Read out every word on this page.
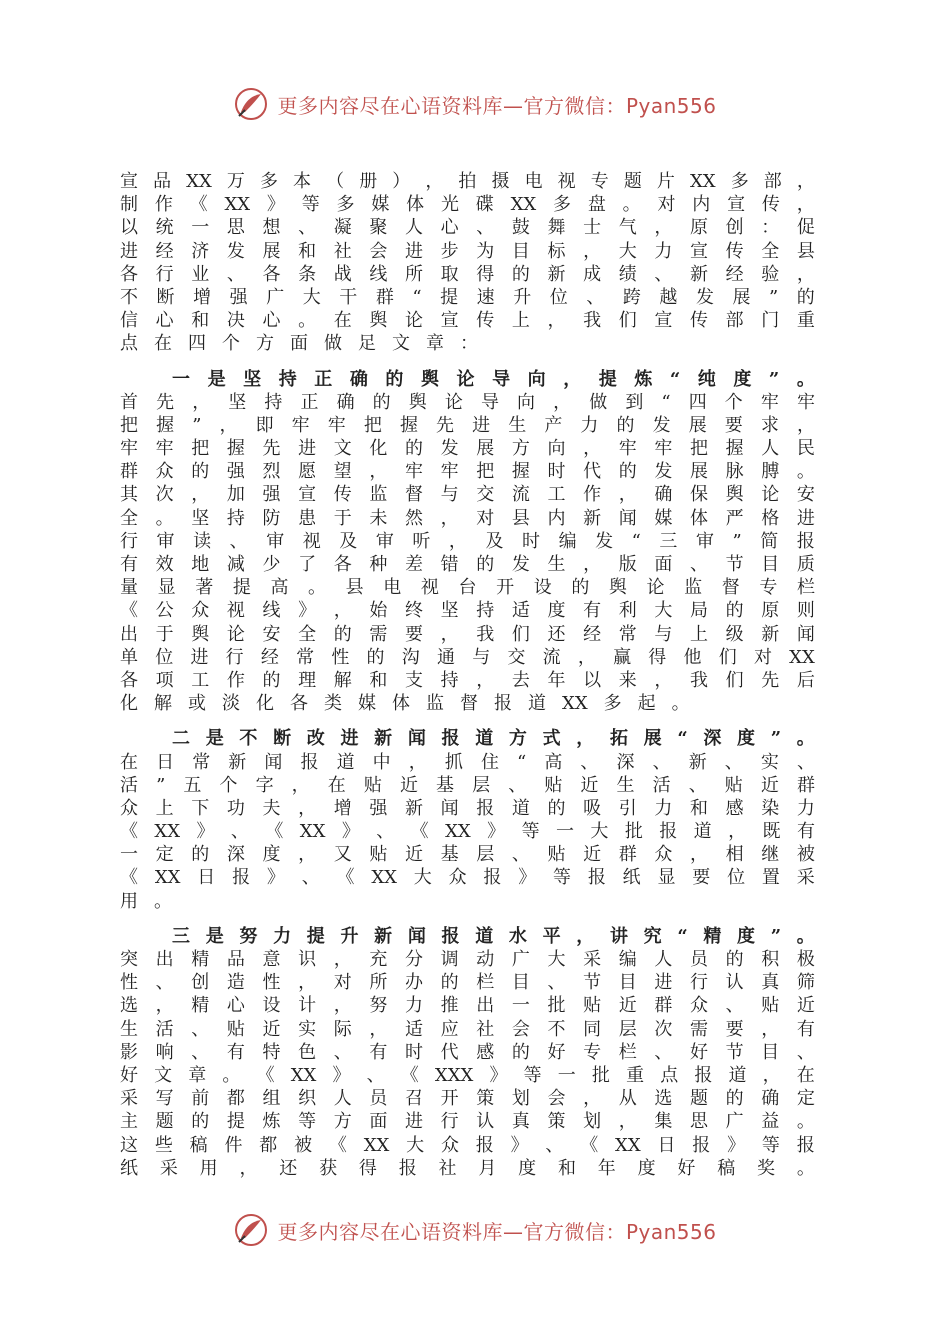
更多内容尽在心语资料库—官方微信：Pyan556
宣 品 XX 万 多 本 （ 册 ） ， 拍 摄 电 视 专 题 片 XX 多 部 ，
制 作 《 XX 》 等 多 媒 体 光 碟 XX 多 盘 。 对 内 宣 传 ，
以 统 一 思 想 、 凝 聚 人 心 、 鼓 舞 士 气 ， 原 创 ： 促
进 经 济 发 展 和 社 会 进 步 为 目 标 ， 大 力 宣 传 全 县
各 行 业 、 各 条 战 线 所 取 得 的 新 成 绩 、 新 经 验 ，
不 断 增 强 广 大 干 群 “ 提 速 升 位 、 跨 越 发 展 ” 的
信 心 和 决 心 。 在 舆 论 宣 传 上 ， 我 们 宣 传 部 门 重
点 在 四 个 方 面 做 足 文 章 ：
一 是 坚 持 正 确 的 舆 论 导 向 ， 提 炼 “ 纯 度 ” 。
首 先 ， 坚 持 正 确 的 舆 论 导 向 ， 做 到 “ 四 个 牢 牢
把 握 ” ， 即 牢 牢 把 握 先 进 生 产 力 的 发 展 要 求 ，
牢 牢 把 握 先 进 文 化 的 发 展 方 向 ， 牢 牢 把 握 人 民
群 众 的 强 烈 愿 望 ， 牢 牢 把 握 时 代 的 发 展 脉 膊 。
其 次 ， 加 强 宣 传 监 督 与 交 流 工 作 ， 确 保 舆 论 安
全 。 坚 持 防 患 于 未 然 ， 对 县 内 新 闻 媒 体 严 格 进
行 审 读 、 审 视 及 审 听 ， 及 时 编 发 “ 三 审 ” 简 报
有 效 地 减 少 了 各 种 差 错 的 发 生 ， 版 面 、 节 目 质
量 显 著 提 高 。 县 电 视 台 开 设 的 舆 论 监 督 专 栏
《 公 众 视 线 》 ， 始 终 坚 持 适 度 有 利 大 局 的 原 则
出 于 舆 论 安 全 的 需 要 ， 我 们 还 经 常 与 上 级 新 闻
单 位 进 行 经 常 性 的 沟 通 与 交 流 ， 赢 得 他 们 对 XX
各 项 工 作 的 理 解 和 支 持 ， 去 年 以 来 ， 我 们 先 后
化 解 或 淡 化 各 类 媒 体 监 督 报 道 XX 多 起 。
二 是 不 断 改 进 新 闻 报 道 方 式 ， 拓 展 “ 深 度 ” 。
在 日 常 新 闻 报 道 中 ， 抓 住 “ 高 、 深 、 新 、 实 、
活 ” 五 个 字 ， 在 贴 近 基 层 、 贴 近 生 活 、 贴 近 群
众 上 下 功 夫 ， 增 强 新 闻 报 道 的 吸 引 力 和 感 染 力
《 XX 》 、 《 XX 》 、 《 XX 》 等 一 大 批 报 道 ， 既 有
一 定 的 深 度 ， 又 贴 近 基 层 、 贴 近 群 众 ， 相 继 被
《 XX 日 报 》 、 《 XX 大 众 报 》 等 报 纸 显 要 位 置 采
用 。
三 是 努 力 提 升 新 闻 报 道 水 平 ， 讲 究 “ 精 度 ” 。
突 出 精 品 意 识 ， 充 分 调 动 广 大 采 编 人 员 的 积 极
性 、 创 造 性 ， 对 所 办 的 栏 目 、 节 目 进 行 认 真 筛
选 ， 精 心 设 计 ， 努 力 推 出 一 批 贴 近 群 众 、 贴 近
生 活 、 贴 近 实 际 ， 适 应 社 会 不 同 层 次 需 要 ， 有
影 响 、 有 特 色 、 有 时 代 感 的 好 专 栏 、 好 节 目 、
好 文 章 。 《 XX 》 、 《 XXX 》 等 一 批 重 点 报 道 ， 在
采 写 前 都 组 织 人 员 召 开 策 划 会 ， 从 选 题 的 确 定
主 题 的 提 炼 等 方 面 进 行 认 真 策 划 ， 集 思 广 益 。
这 些 稿 件 都 被 《 XX 大 众 报 》 、 《 XX 日 报 》 等 报
纸 采 用 ， 还 获 得 报 社 月 度 和 年 度 好 稿 奖 。
更多内容尽在心语资料库—官方微信：Pyan556
